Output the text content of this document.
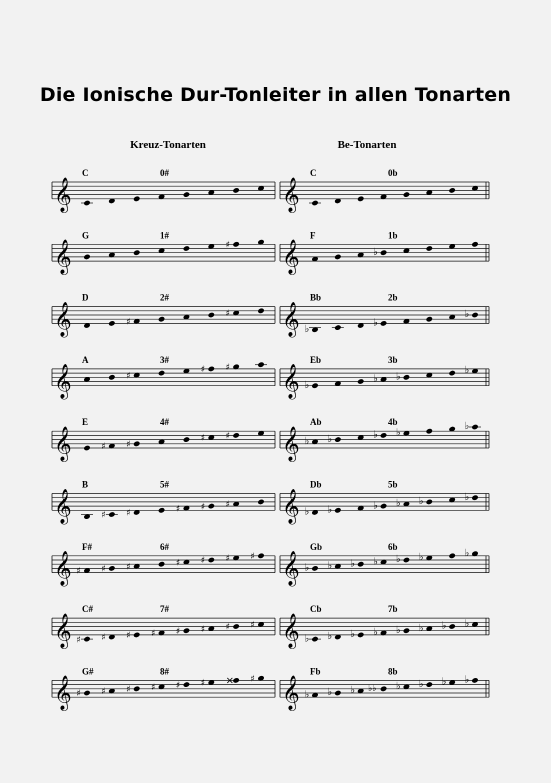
Die Ionische Dur-Tonleiter in allen Tonarten
Kreuz-Tonarten	Be-Tonarten
𝄞
C	0#
𝄞
G	1#
♯
𝄞
D	2#
♯
♯
𝄞
A	3#
♯
♯ ♯
𝄞
E	4#
♯ ♯
♯ ♯
𝄞
B	5#
♯ ♯	♯ ♯ ♯
𝄞
F#	6#
♯ ♯ ♯	♯ ♯ ♯ ♯
𝄞
C#	7#
♯ ♯ ♯ ♯ ♯ ♯ ♯ ♯
𝄞
G#	8#
♯ ♯ ♯ ♯ ♯ ♯ × ♯
𝄞
C	0b
𝄞
F	1b
♭
𝄞
Bb	2b
♭
♭
♭
𝄞
Eb	3b
♭
♭ ♭
♭
𝄞
Ab	4b
♭ ♭	♭ ♭
♭
𝄞
Db	5b
♭ ♭	♭ ♭ ♭	♭
𝄞
Gb	6b
♭ ♭ ♭ ♭ ♭ ♭	♭
𝄞
Cb	7b
♭ ♭ ♭ ♭ ♭ ♭ ♭ ♭
𝄞
Fb	8b
♭ ♭ ♭ ♭♭ ♭ ♭ ♭ ♭
